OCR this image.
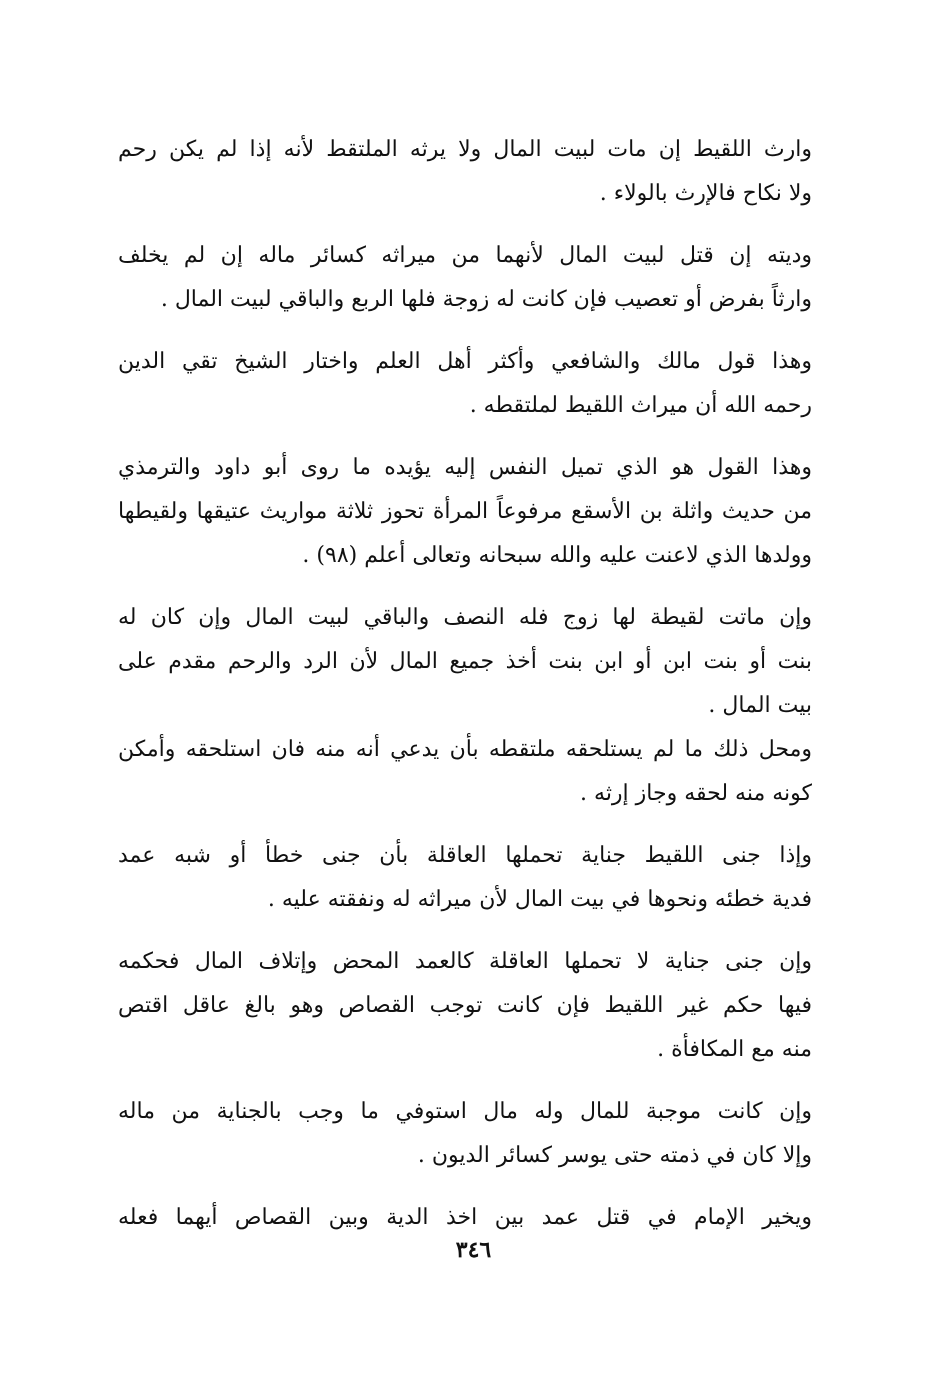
وارث اللقيط إن مات لبيت المال ولا يرثه الملتقط لأنه إذا لم يكن رحم
ولا نكاح فالإرث بالولاء .
وديته إن قتل لبيت المال لأنهما من ميراثه كسائر ماله إن لم يخلف
وارثاً بفرض أو تعصيب فإن كانت له زوجة فلها الربع والباقي لبيت المال .
وهذا قول مالك والشافعي وأكثر أهل العلم واختار الشيخ تقي الدين
رحمه الله أن ميراث اللقيط لملتقطه .
وهذا القول هو الذي تميل النفس إليه يؤيده ما روى أبو داود والترمذي
من حديث واثلة بن الأسقع مرفوعاً المرأة تحوز ثلاثة مواريث عتيقها ولقيطها
وولدها الذي لاعنت عليه والله سبحانه وتعالى أعلم (٩٨) .
وإن ماتت لقيطة لها زوج فله النصف والباقي لبيت المال وإن كان له
بنت أو بنت ابن أو ابن بنت أخذ جميع المال لأن الرد والرحم مقدم على
بيت المال .
ومحل ذلك ما لم يستلحقه ملتقطه بأن يدعي أنه منه فان استلحقه وأمكن
كونه منه لحقه وجاز إرثه .
وإذا جنى اللقيط جناية تحملها العاقلة بأن جنى خطأ أو شبه عمد
فدية خطئه ونحوها في بيت المال لأن ميراثه له ونفقته عليه .
وإن جنى جناية لا تحملها العاقلة كالعمد المحض وإتلاف المال فحكمه
فيها حكم غير اللقيط فإن كانت توجب القصاص وهو بالغ عاقل اقتص
منه مع المكافأة .
وإن كانت موجبة للمال وله مال استوفي ما وجب بالجناية من ماله
وإلا كان في ذمته حتى يوسر كسائر الديون .
ويخير الإمام في قتل عمد بين اخذ الدية وبين القصاص أيهما فعله
٣٤٦
